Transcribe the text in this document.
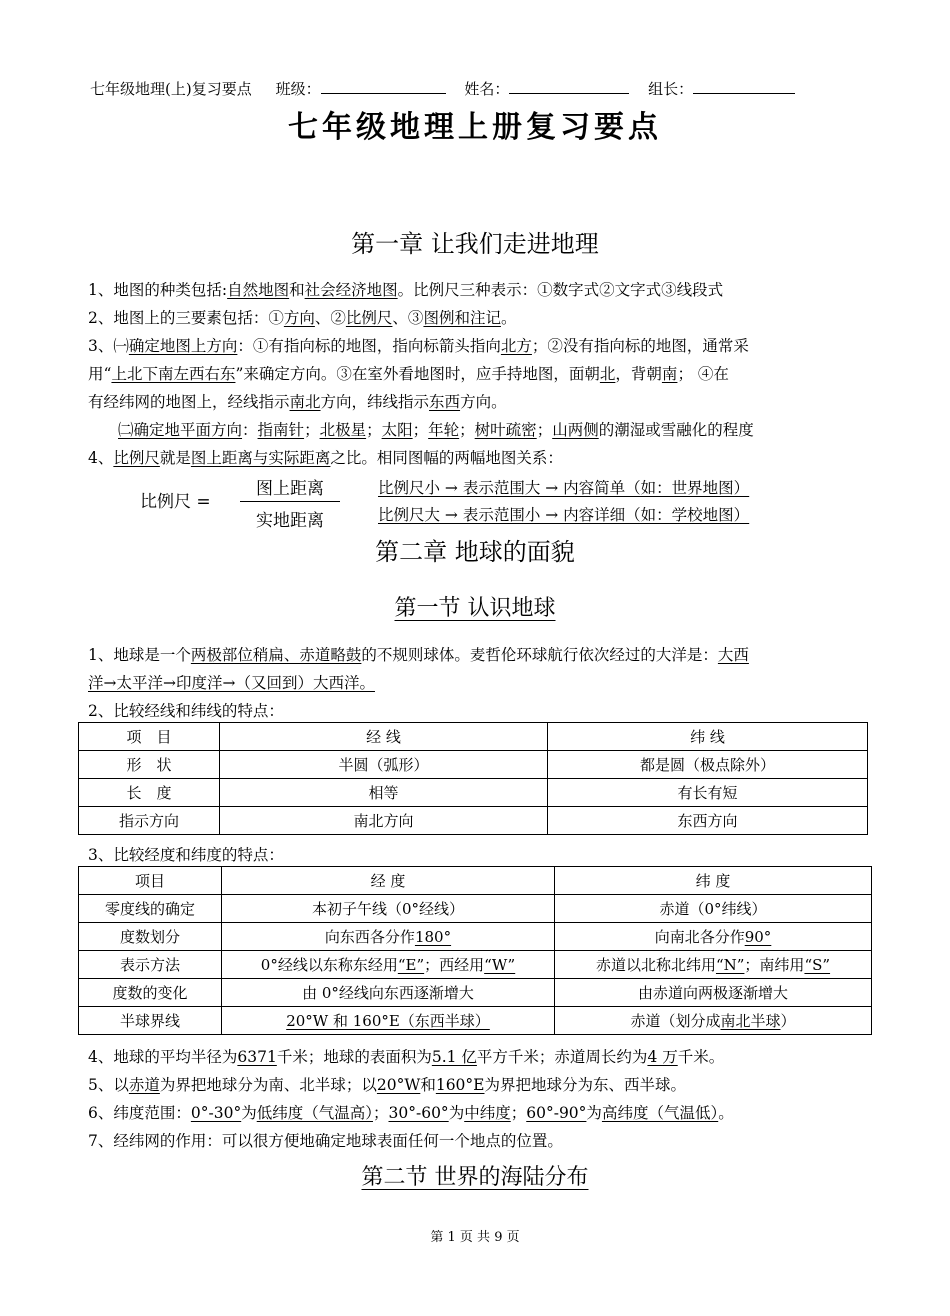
七年级地理(上)复习要点 班级：	姓名：	组长：
七年级地理上册复习要点
第一章 让我们走进地理
1、地图的种类包括:自然地图和社会经济地图。比例尺三种表示：①数字式②文字式③线段式
2、地图上的三要素包括：①方向、②比例尺、③图例和注记。
3、㈠确定地图上方向：①有指向标的地图，指向标箭头指向北方；②没有指向标的地图，通常采
用“上北下南左西右东”来确定方向。③在室外看地图时，应手持地图，面朝北，背朝南； ④在
有经纬网的地图上，经线指示南北方向，纬线指示东西方向。
㈡确定地平面方向：指南针；北极星；太阳；年轮；树叶疏密；山两侧的潮湿或雪融化的程度
4、比例尺就是图上距离与实际距离之比。相同图幅的两幅地图关系：
比例尺 =
图上距离
实地距离
比例尺小 → 表示范围大 → 内容简单（如：世界地图）
比例尺大 → 表示范围小 → 内容详细（如：学校地图）
第二章 地球的面貌
第一节 认识地球
1、地球是一个两极部位稍扁、赤道略鼓的不规则球体。麦哲伦环球航行依次经过的大洋是：大西
洋→太平洋→印度洋→（又回到）大西洋。
2、比较经线和纬线的特点：
项　目	经 线	纬 线
形　状	半圆（弧形）	都是圆（极点除外）
长　度	相等	有长有短
指示方向	南北方向	东西方向
3、比较经度和纬度的特点：
项目	经 度	纬 度
零度线的确定	本初子午线（0°经线）	赤道（0°纬线）
度数划分	向东西各分作180°	向南北各分作90°
表示方法	0°经线以东称东经用“E”；西经用“W”	赤道以北称北纬用“N”；南纬用“S”
度数的变化	由 0°经线向东西逐渐增大	由赤道向两极逐渐增大
半球界线	20°W 和 160°E（东西半球）	赤道（划分成南北半球）
4、地球的平均半径为6371千米；地球的表面积为5.1 亿平方千米；赤道周长约为4 万千米。
5、以赤道为界把地球分为南、北半球；以20°W和160°E为界把地球分为东、西半球。
6、纬度范围：0°-30°为低纬度（气温高）；30°-60°为中纬度；60°-90°为高纬度（气温低）。
7、经纬网的作用：可以很方便地确定地球表面任何一个地点的位置。
第二节 世界的海陆分布
第 1 页 共 9 页
